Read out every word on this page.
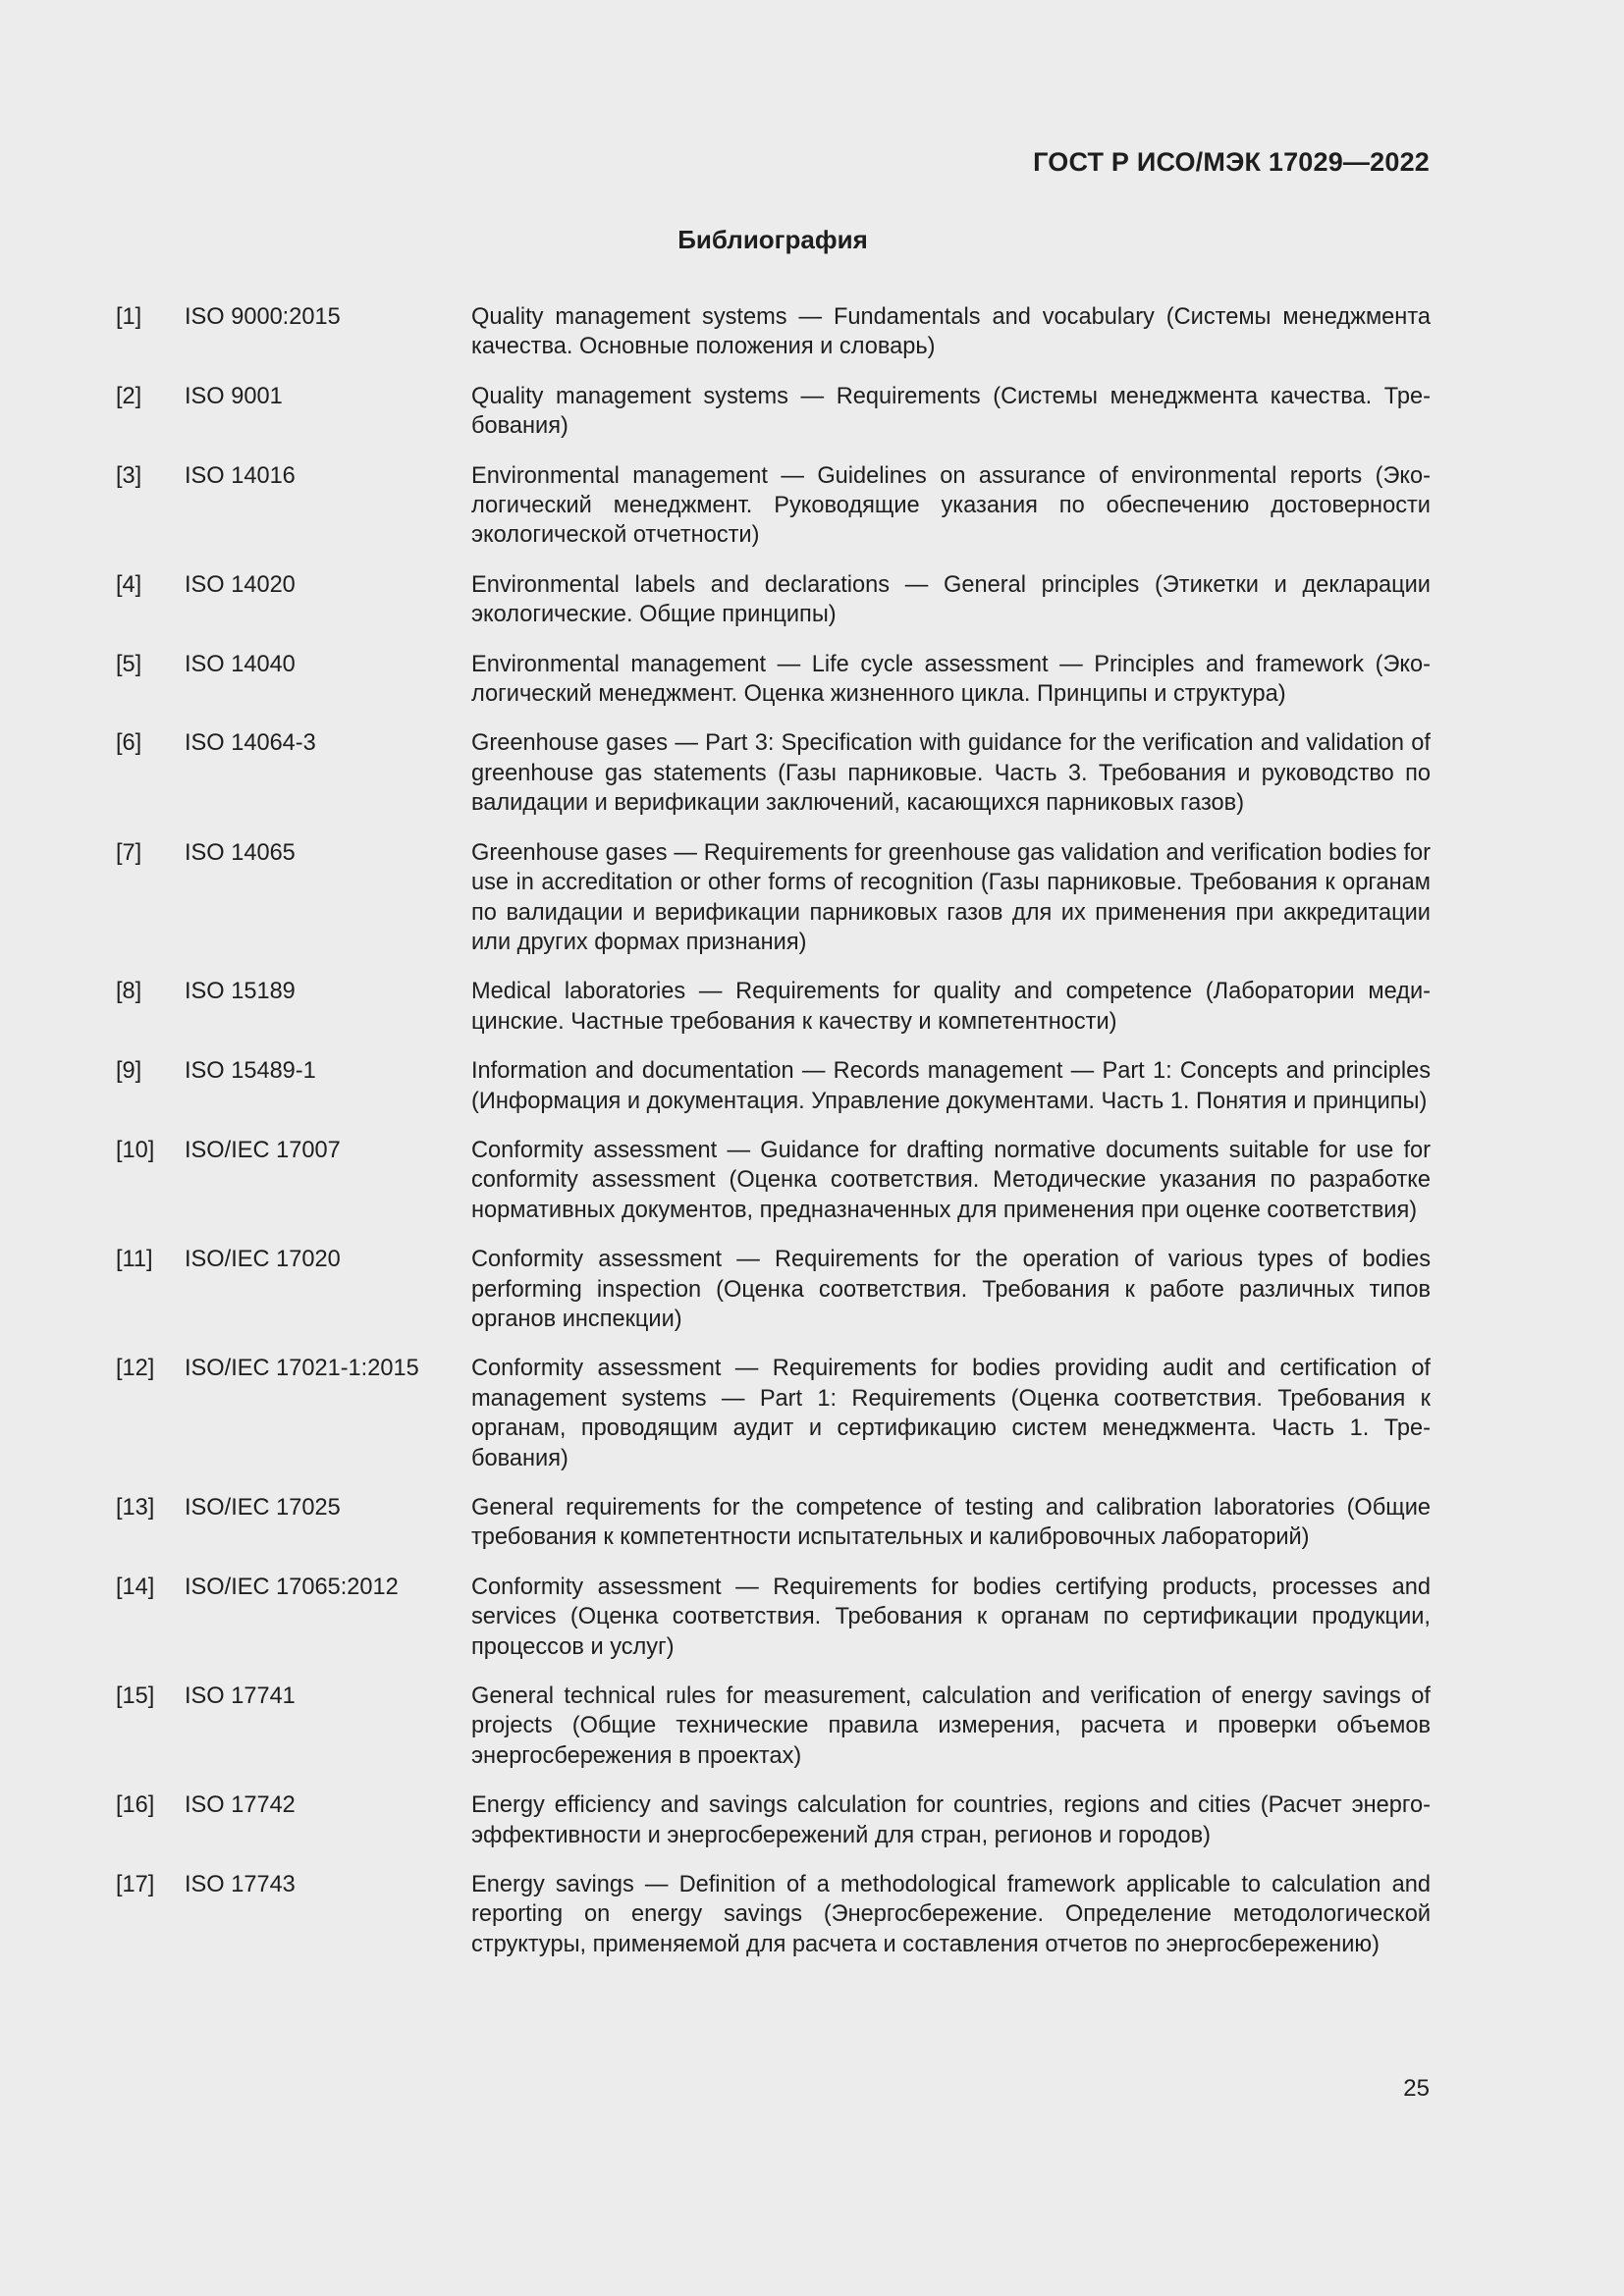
ГОСТ Р ИСО/МЭК 17029—2022
Библиография
[1]	ISO 9000:2015	Quality management systems — Fundamentals and vocabulary (Системы менеджмента качества. Основные положения и словарь)
[2]	ISO 9001	Quality management systems — Requirements (Системы менеджмента качества. Требования)
[3]	ISO 14016	Environmental management — Guidelines on assurance of environmental reports (Экологический менеджмент. Руководящие указания по обеспечению достоверности экологической отчетности)
[4]	ISO 14020	Environmental labels and declarations — General principles (Этикетки и декларации экологические. Общие принципы)
[5]	ISO 14040	Environmental management — Life cycle assessment — Principles and framework (Экологический менеджмент. Оценка жизненного цикла. Принципы и структура)
[6]	ISO 14064-3	Greenhouse gases — Part 3: Specification with guidance for the verification and validation of greenhouse gas statements (Газы парниковые. Часть 3. Требования и руководство по валидации и верификации заключений, касающихся парниковых газов)
[7]	ISO 14065	Greenhouse gases — Requirements for greenhouse gas validation and verification bodies for use in accreditation or other forms of recognition (Газы парниковые. Требования к органам по валидации и верификации парниковых газов для их применения при аккредитации или других формах признания)
[8]	ISO 15189	Medical laboratories — Requirements for quality and competence (Лаборатории медицинские. Частные требования к качеству и компетентности)
[9]	ISO 15489-1	Information and documentation — Records management — Part 1: Concepts and principles (Информация и документация. Управление документами. Часть 1. Понятия и принципы)
[10]	ISO/IEC 17007	Conformity assessment — Guidance for drafting normative documents suitable for use for conformity assessment (Оценка соответствия. Методические указания по разработке нормативных документов, предназначенных для применения при оценке соответствия)
[11]	ISO/IEC 17020	Conformity assessment — Requirements for the operation of various types of bodies performing inspection (Оценка соответствия. Требования к работе различных типов органов инспекции)
[12]	ISO/IEC 17021-1:2015	Conformity assessment — Requirements for bodies providing audit and certification of management systems — Part 1: Requirements (Оценка соответствия. Требования к органам, проводящим аудит и сертификацию систем менеджмента. Часть 1. Требования)
[13]	ISO/IEC 17025	General requirements for the competence of testing and calibration laboratories (Общие требования к компетентности испытательных и калибровочных лабораторий)
[14]	ISO/IEC 17065:2012	Conformity assessment — Requirements for bodies certifying products, processes and services (Оценка соответствия. Требования к органам по сертификации продукции, процессов и услуг)
[15]	ISO 17741	General technical rules for measurement, calculation and verification of energy savings of projects (Общие технические правила измерения, расчета и проверки объемов энергосбережения в проектах)
[16]	ISO 17742	Energy efficiency and savings calculation for countries, regions and cities (Расчет энергоэффективности и энергосбережений для стран, регионов и городов)
[17]	ISO 17743	Energy savings — Definition of a methodological framework applicable to calculation and reporting on energy savings (Энергосбережение. Определение методологической структуры, применяемой для расчета и составления отчетов по энергосбережению)
25
